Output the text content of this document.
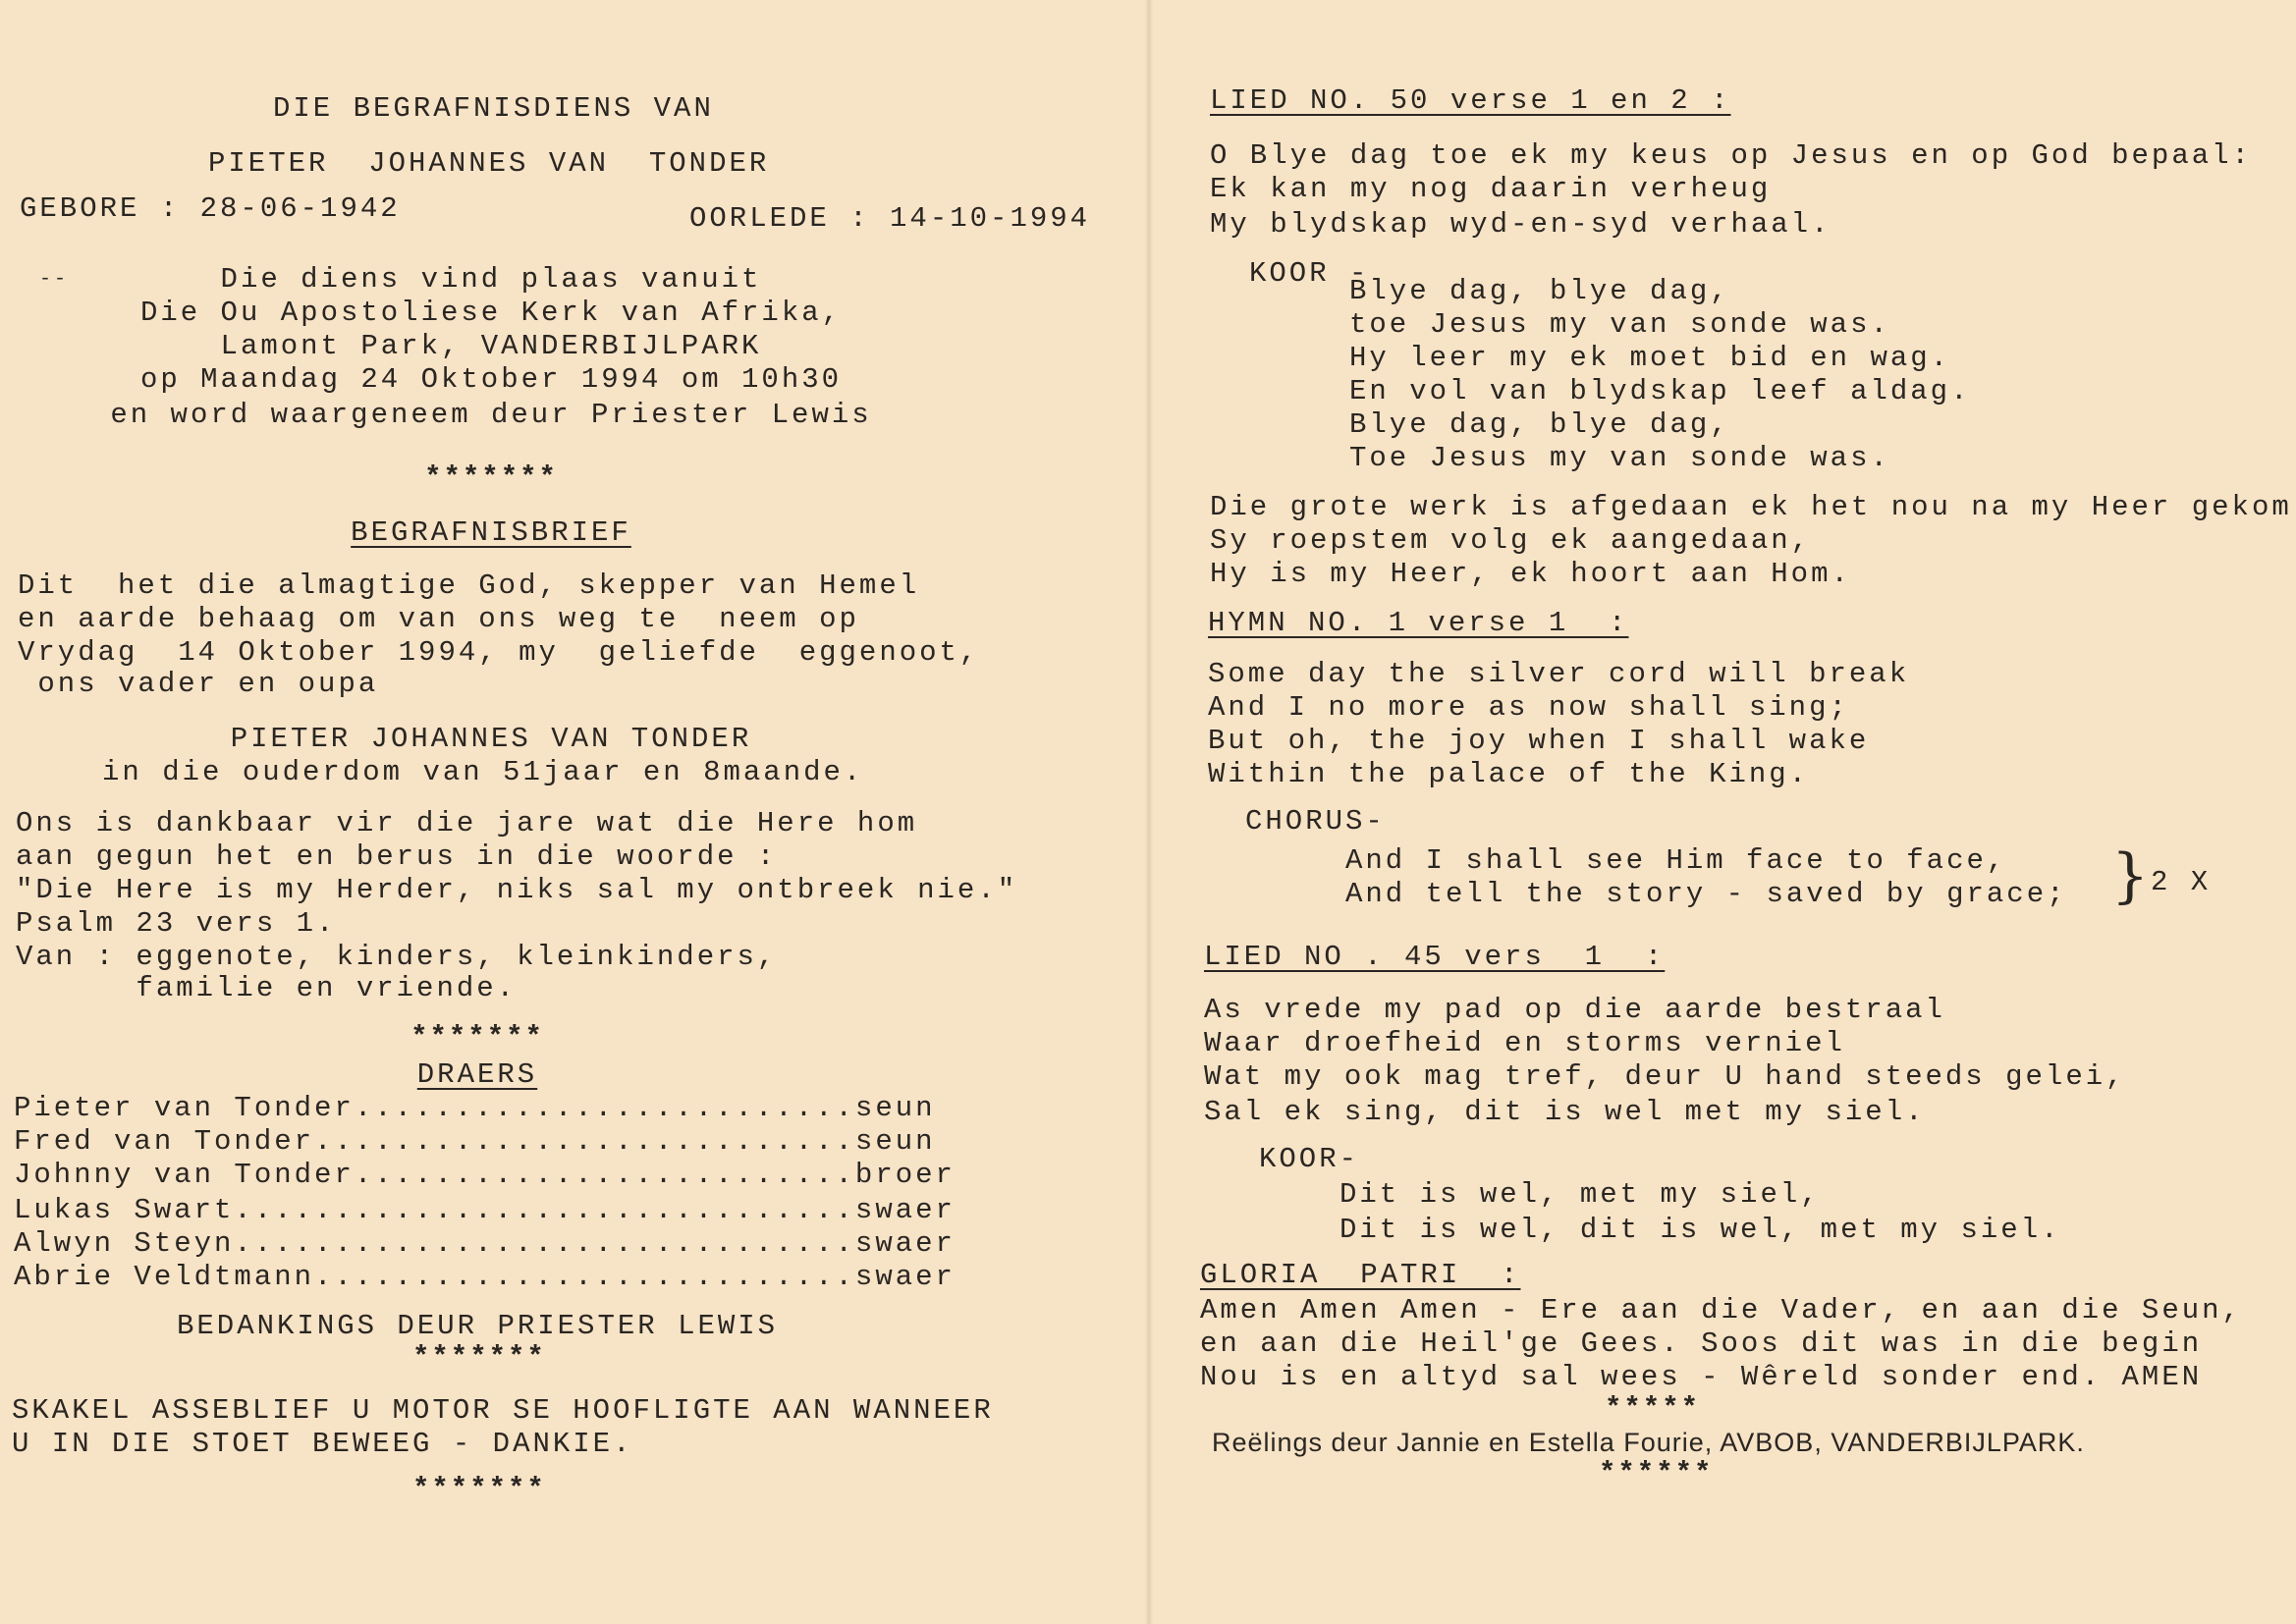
DIE BEGRAFNISDIENS VAN
PIETER  JOHANNES VAN  TONDER
GEBORE : 28-06-1942	OORLEDE : 14-10-1994
--	Die diens vind plaas vanuit
Die Ou Apostoliese Kerk van Afrika,
Lamont Park, VANDERBIJLPARK
op Maandag 24 Oktober 1994 om 10h30
en word waargeneem deur Priester Lewis
*******
BEGRAFNISBRIEF
Dit  het die almagtige God, skepper van Hemel
en aarde behaag om van ons weg te  neem op
Vrydag  14 Oktober 1994, my  geliefde  eggenoot,
ons vader en oupa
PIETER JOHANNES VAN TONDER
in die ouderdom van 51jaar en 8maande.
Ons is dankbaar vir die jare wat die Here hom
aan gegun het en berus in die woorde :
"Die Here is my Herder, niks sal my ontbreek nie."
Psalm 23 vers 1.
Van : eggenote, kinders, kleinkinders,
familie en vriende.
*******
DRAERS
Pieter van Tonder.........................seun
Fred van Tonder...........................seun
Johnny van Tonder.........................broer
Lukas Swart...............................swaer
Alwyn Steyn...............................swaer
Abrie Veldtmann...........................swaer
BEDANKINGS DEUR PRIESTER LEWIS
*******
SKAKEL ASSEBLIEF U MOTOR SE HOOFLIGTE AAN WANNEER
U IN DIE STOET BEWEEG - DANKIE.
*******
LIED NO. 50 verse 1 en 2 :
O Blye dag toe ek my keus op Jesus en op God bepaal:
Ek kan my nog daarin verheug
My blydskap wyd-en-syd verhaal.
KOOR -
Blye dag, blye dag,
toe Jesus my van sonde was.
Hy leer my ek moet bid en wag.
En vol van blydskap leef aldag.
Blye dag, blye dag,
Toe Jesus my van sonde was.
Die grote werk is afgedaan ek het nou na my Heer gekom
Sy roepstem volg ek aangedaan,
Hy is my Heer, ek hoort aan Hom.
HYMN NO. 1 verse 1  :
Some day the silver cord will break
And I no more as now shall sing;
But oh, the joy when I shall wake
Within the palace of the King.
CHORUS-
And I shall see Him face to face,
And tell the story - saved by grace; } 2 X
LIED NO . 45 vers  1  :
As vrede my pad op die aarde bestraal
Waar droefheid en storms verniel
Wat my ook mag tref, deur U hand steeds gelei,
Sal ek sing, dit is wel met my siel.
KOOR-
Dit is wel, met my siel,
Dit is wel, dit is wel, met my siel.
GLORIA  PATRI  :
Amen Amen Amen - Ere aan die Vader, en aan die Seun,
en aan die Heil'ge Gees. Soos dit was in die begin
Nou is en altyd sal wees - Wêreld sonder end. AMEN
*****
Reëlings deur Jannie en Estella Fourie, AVBOB, VANDERBIJLPARK.
******
